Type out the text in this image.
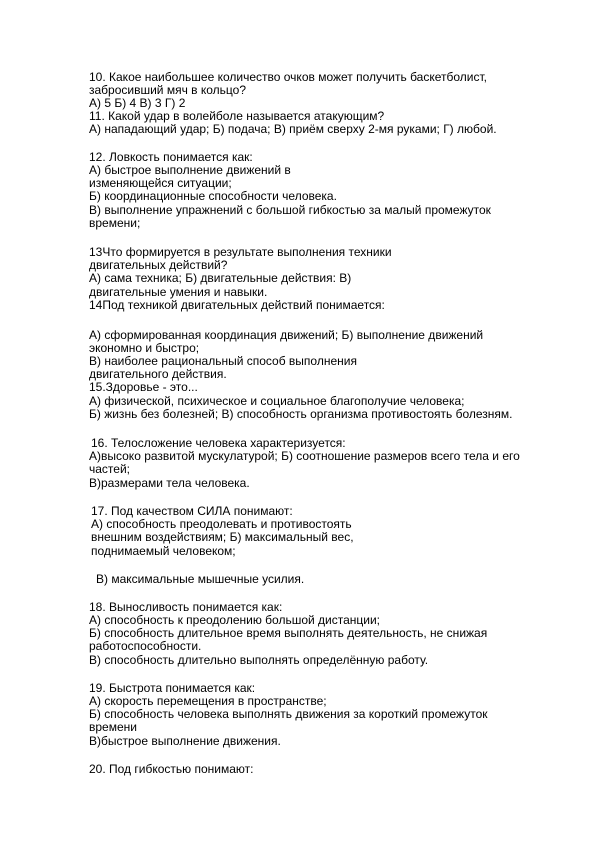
10. Какое наибольшее количество очков может получить баскетболист,
забросивший мяч в кольцо?
А) 5 Б) 4 В) 3 Г) 2
11. Какой удар в волейболе называется атакующим?
А) нападающий удар; Б) подача; В) приём сверху 2-мя руками; Г) любой.
12. Ловкость понимается как:
А) быстрое выполнение движений в
изменяющейся ситуации;
Б) координационные способности человека.
В) выполнение упражнений с большой гибкостью за малый промежуток
времени;
13Что формируется в результате выполнения техники
двигательных действий?
А) сама техника; Б) двигательные действия: В)
двигательные умения и навыки.
14Под техникой двигательных действий понимается:
А) сформированная координация движений; Б) выполнение движений
экономно и быстро;
В) наиболее рациональный способ выполнения
двигательного действия.
15.Здоровье - это...
А) физической, психическое и социальное благополучие человека;
Б) жизнь без болезней; В) способность организма противостоять болезням.
16. Телосложение человека характеризуется:
А)высоко развитой мускулатурой; Б) соотношение размеров всего тела и его
частей;
В)размерами тела человека.
17. Под качеством СИЛА понимают:
А) способность преодолевать и противостоять
внешним воздействиям; Б) максимальный вес,
поднимаемый человеком;
В) максимальные мышечные усилия.
18. Выносливость понимается как:
А) способность к преодолению большой дистанции;
Б) способность длительное время выполнять деятельность, не снижая
работоспособности.
В) способность длительно выполнять определённую работу.
19. Быстрота понимается как:
А) скорость перемещения в пространстве;
Б) способность человека выполнять движения за короткий промежуток
времени
В)быстрое выполнение движения.
20. Под гибкостью понимают:
